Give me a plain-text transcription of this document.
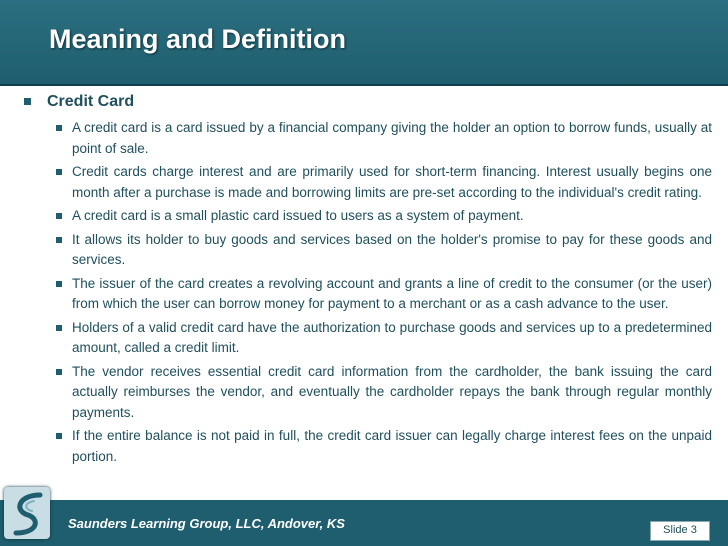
Meaning and Definition
Credit Card
A credit card is a card issued by a financial company giving the holder an option to borrow funds, usually at point of sale.
Credit cards charge interest and are primarily used for short-term financing. Interest usually begins one month after a purchase is made and borrowing limits are pre-set according to the individual's credit rating.
A credit card is a small plastic card issued to users as a system of payment.
It allows its holder to buy goods and services based on the holder's promise to pay for these goods and services.
The issuer of the card creates a revolving account and grants a line of credit to the consumer (or the user) from which the user can borrow money for payment to a merchant or as a cash advance to the user.
Holders of a valid credit card have the authorization to purchase goods and services up to a predetermined amount, called a credit limit.
The vendor receives essential credit card information from the cardholder, the bank issuing the card actually reimburses the vendor, and eventually the cardholder repays the bank through regular monthly payments.
If the entire balance is not paid in full, the credit card issuer can legally charge interest fees on the unpaid portion.
Saunders Learning Group, LLC, Andover, KS	Slide 3
